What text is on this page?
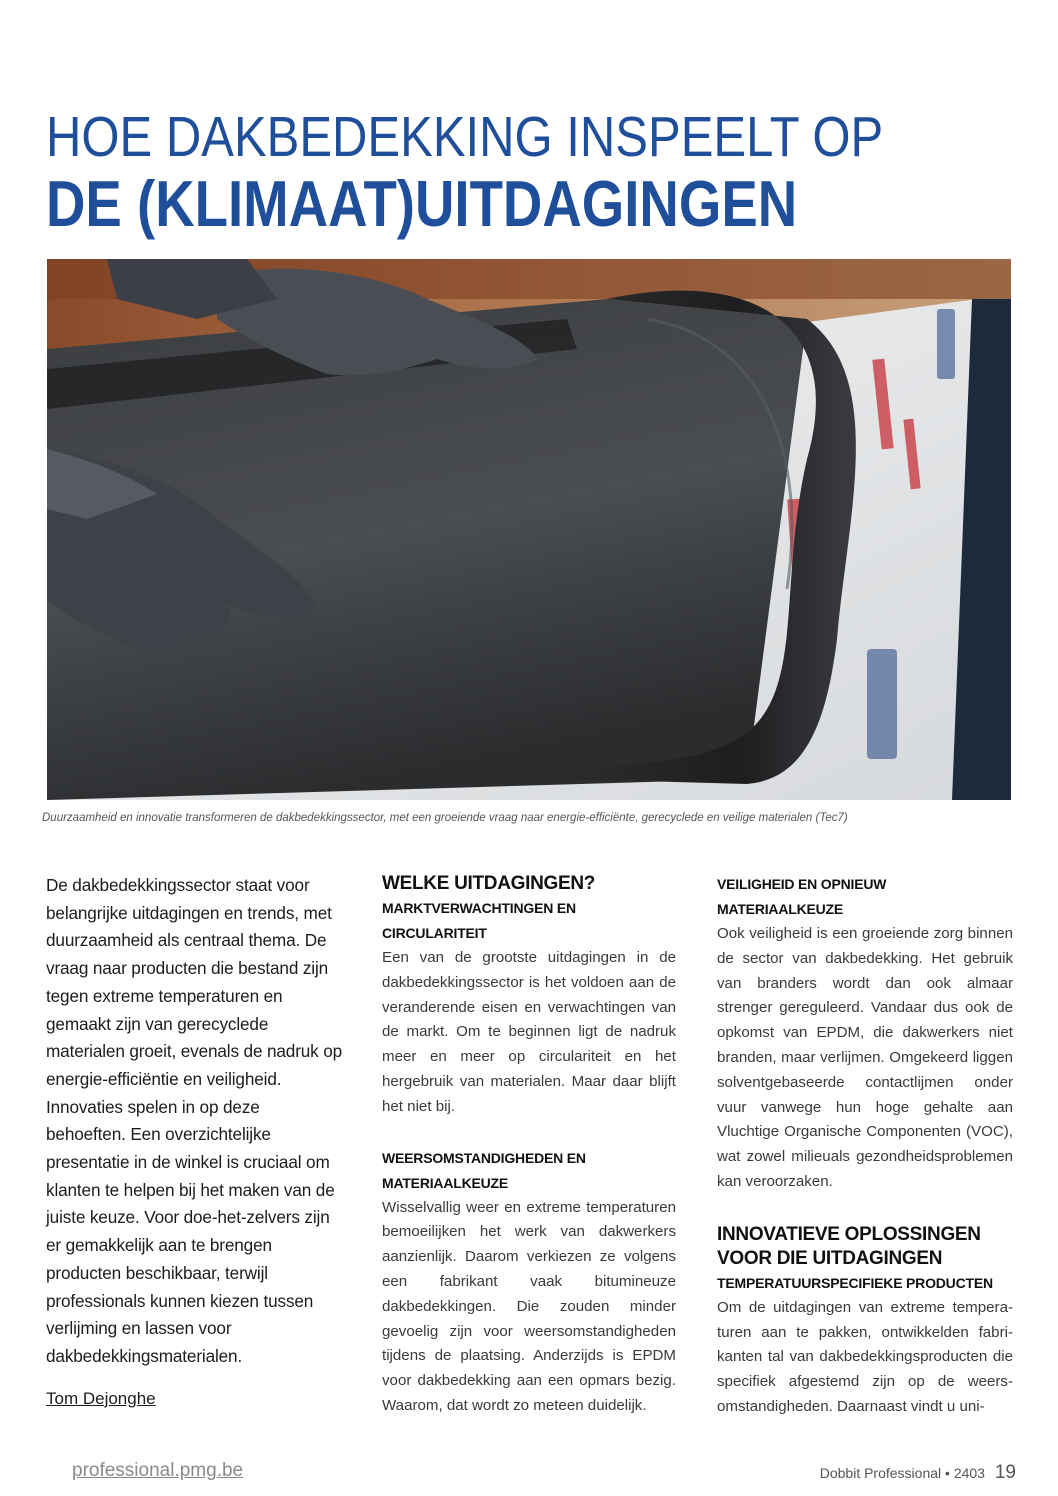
HOE DAKBEDEKKING INSPEELT OP
DE (KLIMAAT)UITDAGINGEN
Duurzaamheid en innovatie transformeren de dakbedekkingssector, met een groeiende vraag naar energie-efficiënte, gerecyclede en veilige materialen (Tec7)

De dakbedekkingssector staat voor belangrijke uitdagingen en trends, met duurzaamheid als centraal thema. De vraag naar producten die bestand zijn tegen extreme temperaturen en gemaakt zijn van gerecyclede materialen groeit, evenals de nadruk op energie-efficiëntie en veiligheid. Innovaties spelen in op deze behoeften. Een overzichtelijke presentatie in de winkel is cruciaal om klanten te helpen bij het maken van de juiste keuze. Voor doe-het-zelvers zijn er gemakkelijk aan te brengen producten beschikbaar, terwijl professionals kunnen kiezen tussen verlijming en lassen voor dakbedekkingsmaterialen.

Tom Dejonghe
WELKE UITDAGINGEN?
MARKTVERWACHTINGEN EN CIRCULARITEIT

Een van de grootste uitdagingen in de dakbedekkingssector is het voldoen aan de veranderende eisen en verwachtingen van de markt. Om te beginnen ligt de nadruk meer en meer op circulariteit en het hergebruik van materialen. Maar daar blijft het niet bij.

WEERSOMSTANDIGHEDEN EN MATERIAALKEUZE

Wisselvallig weer en extreme temperaturen bemoeilijken het werk van dakwerkers aanzienlijk. Daarom verkiezen ze volgens een fabrikant vaak bitumineuze dakbedekkingen. Die zouden minder gevoelig zijn voor weersomstandigheden tijdens de plaatsing. Anderzijds is EPDM voor dakbedekking aan een opmars bezig. Waarom, dat wordt zo meteen duidelijk.

VEILIGHEID EN OPNIEUW MATERIAALKEUZE

Ook veiligheid is een groeiende zorg binnen de sector van dakbedekking. Het gebruik van branders wordt dan ook almaar strenger gereguleerd. Vandaar dus ook de opkomst van EPDM, die dakwerkers niet branden, maar verlijmen. Omgekeerd liggen solventgebaseerde contactlijmen onder vuur vanwege hun hoge gehalte aan Vluchtige Organische Componenten (VOC), wat zowel milieuals gezondheidsproblemen kan veroorzaken.

INNOVATIEVE OPLOSSINGEN VOOR DIE UITDAGINGEN
TEMPERATUURSPECIFIEKE PRODUCTEN

Om de uitdagingen van extreme temperaturen aan te pakken, ontwikkelden fabrikanten tal van dakbedekkingsproducten die specifiek afgestemd zijn op de weersomstandigheden. Daarnaast vindt u uni-

professional.pmg.be	Dobbit Professional • 2403 19
